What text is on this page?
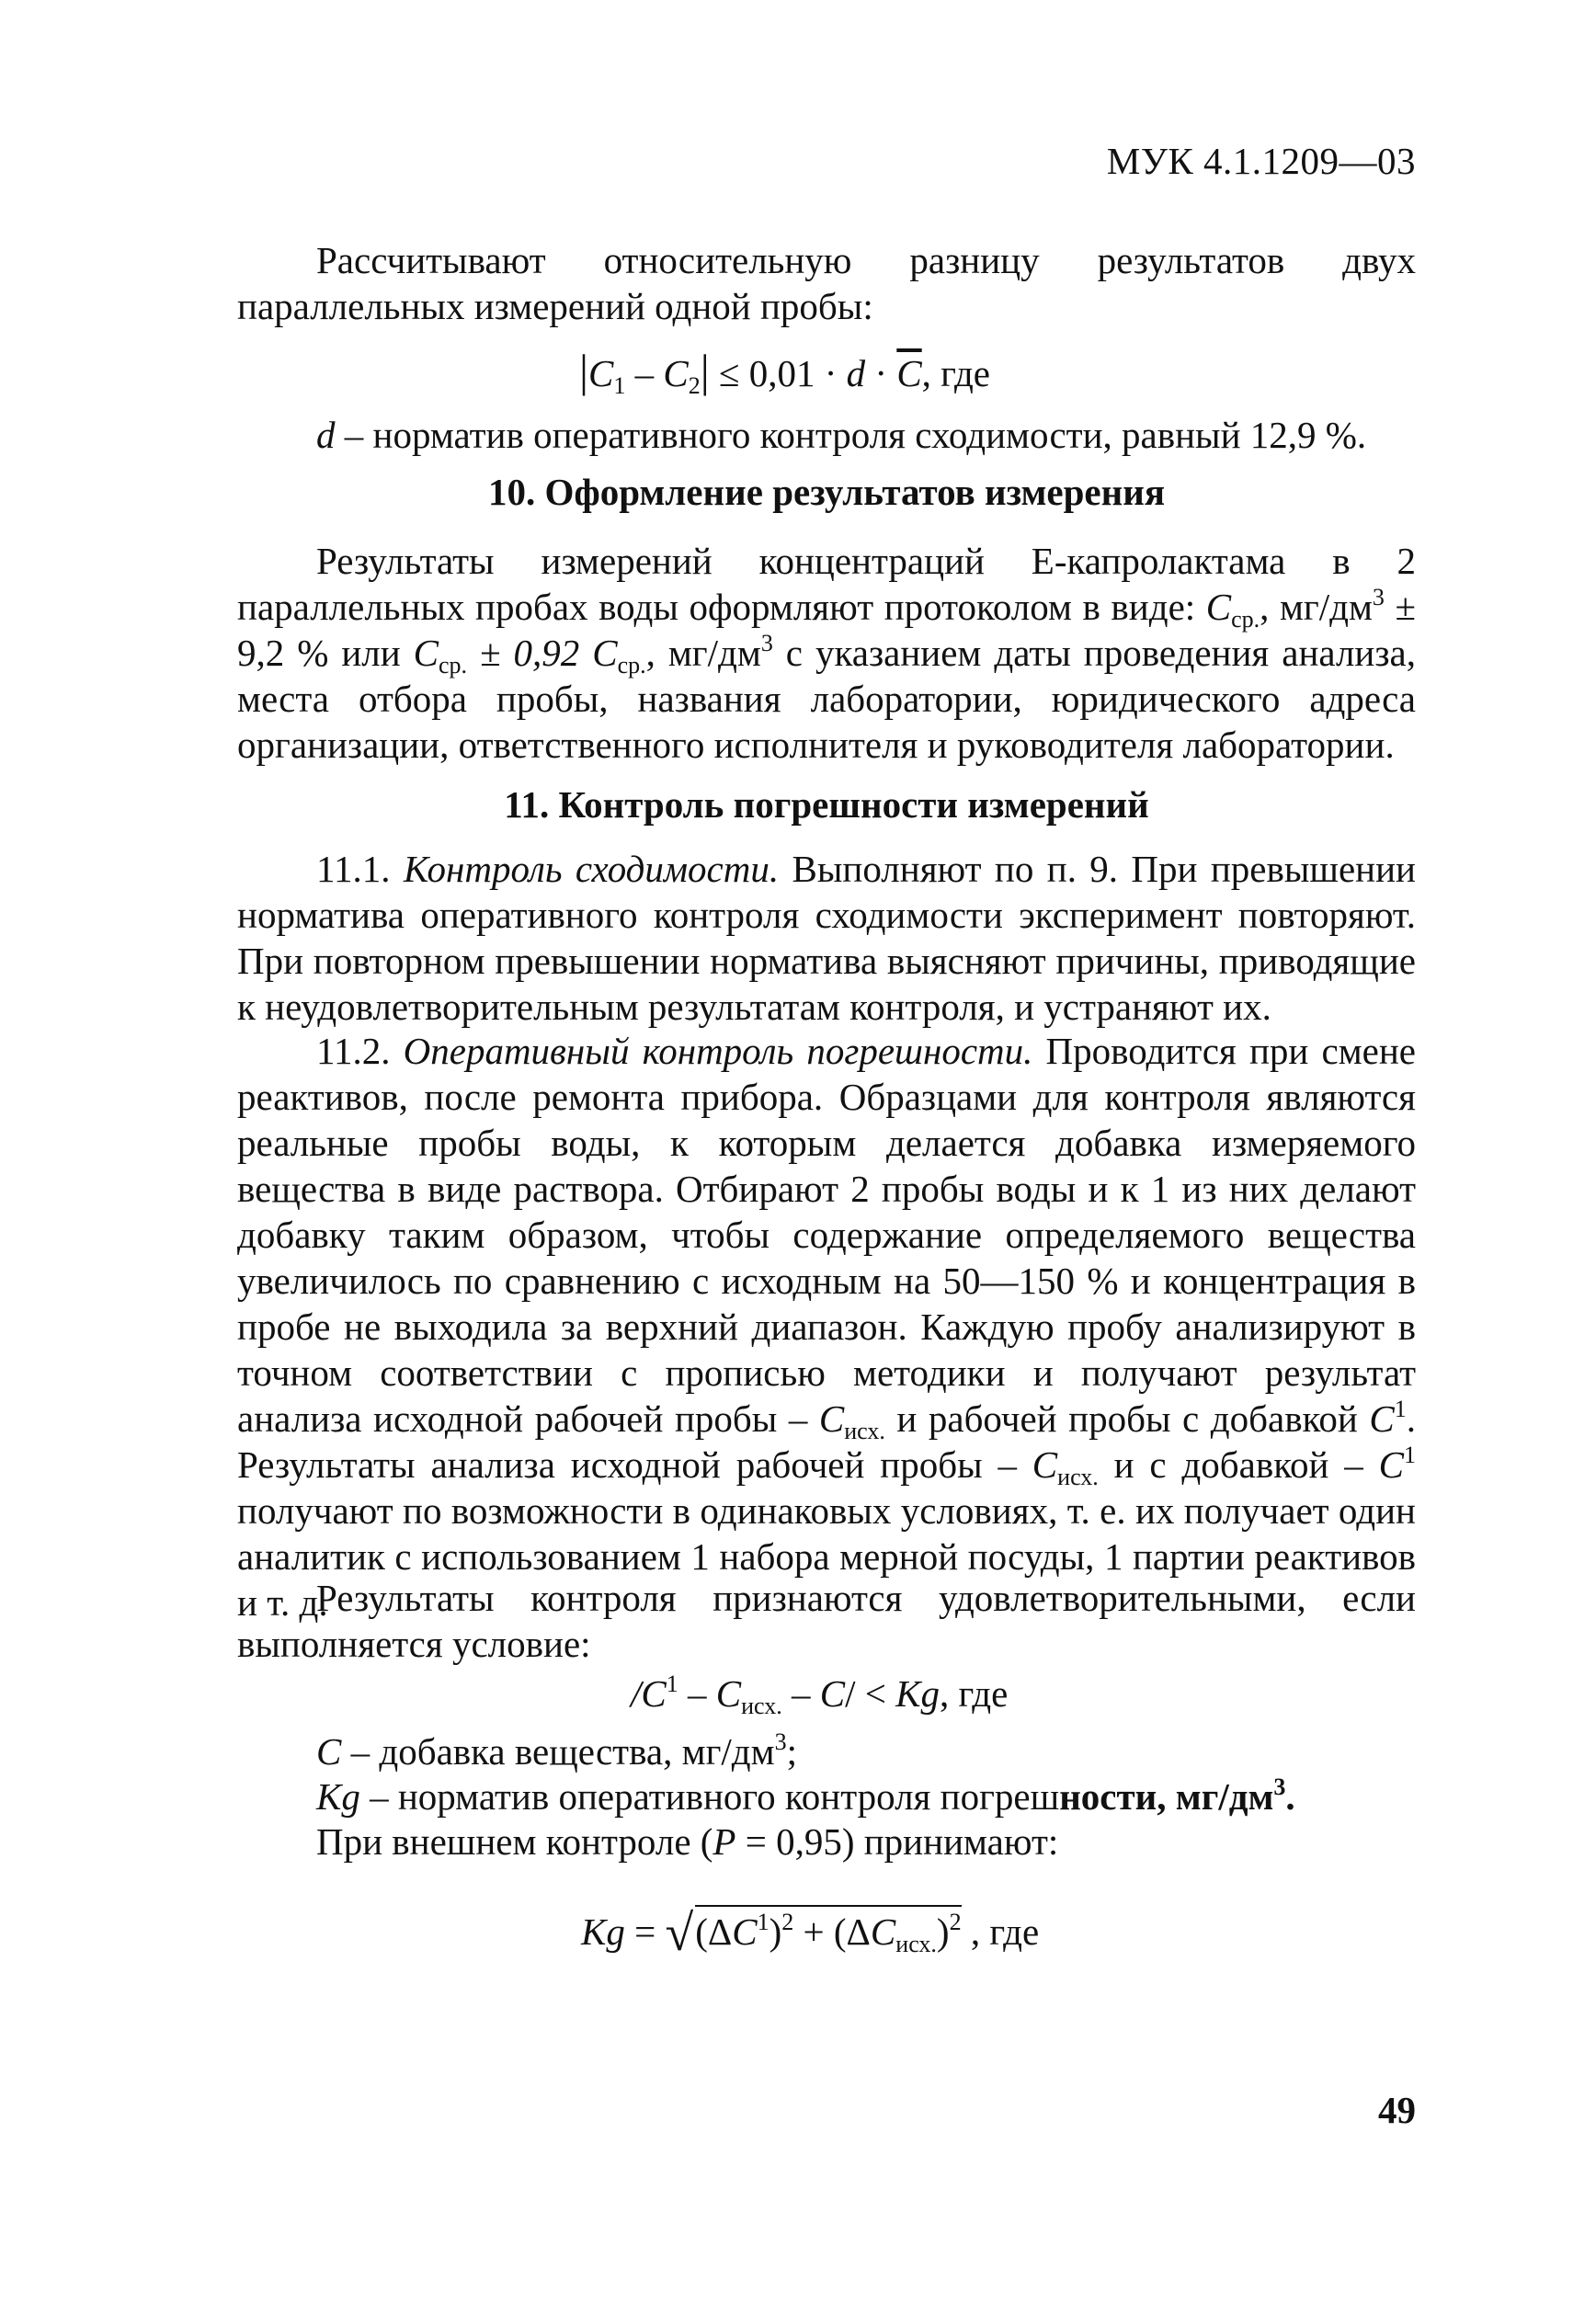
МУК 4.1.1209—03
Рассчитывают относительную разницу результатов двух параллельных измерений одной пробы:
$|C_1 - C_2| \le 0,01 \cdot d \cdot \overline{C}$, где
d – норматив оперативного контроля сходимости, равный 12,9 %.
10. Оформление результатов измерения
Результаты измерений концентраций Е-капролактама в 2 параллельных пробах воды оформляют протоколом в виде: $C_{ср.}$, $мг/дм^3 \pm 9,2$ % или $C_{ср.} \pm 0,92$ $C_{ср.}$, $мг/дм^3$ с указанием даты проведения анализа, места отбора пробы, названия лаборатории, юридического адреса организации, ответственного исполнителя и руководителя лаборатории.
11. Контроль погрешности измерений
11.1. Контроль сходимости. Выполняют по п. 9. При превышении норматива оперативного контроля сходимости эксперимент повторяют. При повторном превышении норматива выясняют причины, приводящие к неудовлетворительным результатам контроля, и устраняют их.
11.2. Оперативный контроль погрешности. Проводится при смене реактивов, после ремонта прибора. Образцами для контроля являются реальные пробы воды, к которым делается добавка измеряемого вещества в виде раствора. Отбирают 2 пробы воды и к 1 из них делают добавку таким образом, чтобы содержание определяемого вещества увеличилось по сравнению с исходным на 50—150 % и концентрация в пробе не выходила за верхний диапазон. Каждую пробу анализируют в точном соответствии с прописью методики и получают результат анализа исходной рабочей пробы – $C_{исх.}$ и рабочей пробы с добавкой $C^1$. Результаты анализа исходной рабочей пробы – $C_{исх.}$ и с добавкой – $C^1$ получают по возможности в одинаковых условиях, т. е. их получает один аналитик с использованием 1 набора мерной посуды, 1 партии реактивов и т. д.
Результаты контроля признаются удовлетворительными, если выполняется условие:
$/C^1 - C_{исх.} - C/ < Kg$, где
C – добавка вещества, $мг/дм^3$;
Kg – норматив оперативного контроля погрешности, $мг/дм^3$.
При внешнем контроле (P = 0,95) принимают:
$Kg = √(\Delta C^1)^2 + (\Delta C_{исх.})^2$ , где
49
